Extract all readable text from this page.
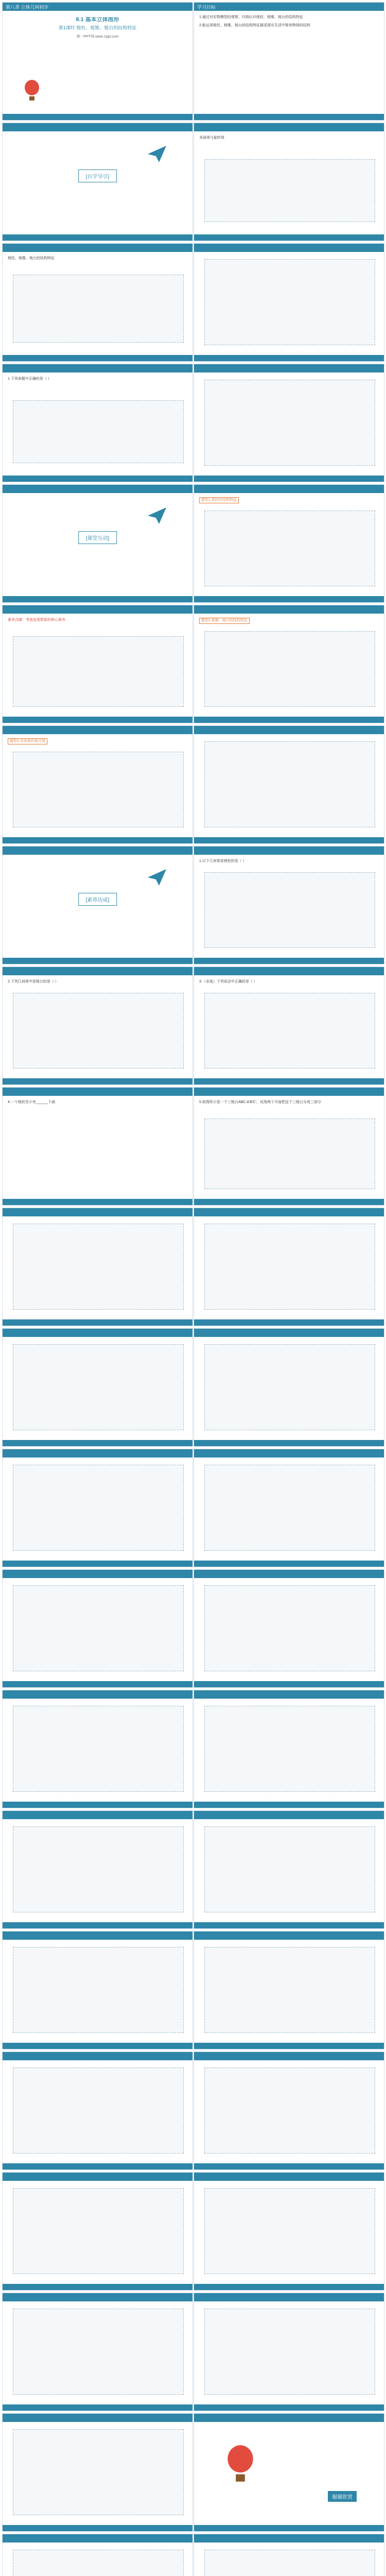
第八章 立体几何初步
8.1 基本立体图形
第1课时 棱柱、棱锥、棱台的结构特征
第一PPT网 www.1ppt.com
学习目标
1.通过对实物模型的观察，归纳认识棱柱、棱锥、棱台的结构特征
2.能运用棱柱、棱锥、棱台的结构特征描述现实生活中简单物体的结构
[自学导引]
多面体与旋转体
棱柱、棱锥、棱台的结构特征
1.下列命题中正确的是（ ）
[课堂互动]
题型1 棱柱的结构特征
素养点睛：考查直观想象的核心素养	题型2 棱锥、棱台的结构特征
题型3 多面体的展开图
[素养达成]
1.以下几何体是棱柱的是（ ）
2.下列几何体中是棱台的是（ ）	3.（多选）下列说法中正确的是（ ）
4.一个棱柱至少有______个面	5.如图所示是一个三棱台ABC-A′B′C′，试用两个平面把这个三棱台分成三部分
谢谢欣赏
